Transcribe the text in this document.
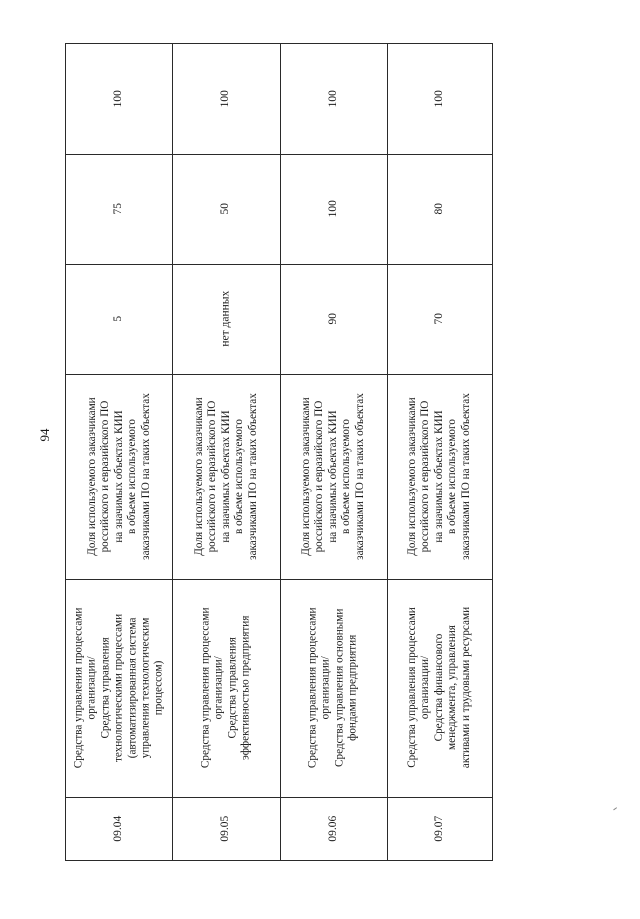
94
100
75
5
Доля используемого заказчиками российского и евразийского ПО на значимых объектах КИИ в объеме используемого заказчиками ПО на таких объектах
Средства управления процессами организации/ Средства управления технологическими процессами (автоматизированная система управления технологическим процессом)
09.04
100
50
нет данных
Доля используемого заказчиками российского и евразийского ПО на значимых объектах КИИ в объеме используемого заказчиками ПО на таких объектах
Средства управления процессами организации/ Средства управления эффективностью предприятия
09.05
100
100
90
Доля используемого заказчиками российского и евразийского ПО на значимых объектах КИИ в объеме используемого заказчиками ПО на таких объектах
Средства управления процессами организации/ Средства управления основными фондами предприятия
09.06
100
80
70
Доля используемого заказчиками российского и евразийского ПО на значимых объектах КИИ в объеме используемого заказчиками ПО на таких объектах
Средства управления процессами организации/ Средства финансового менеджмента, управления активами и трудовыми ресурсами
09.07
